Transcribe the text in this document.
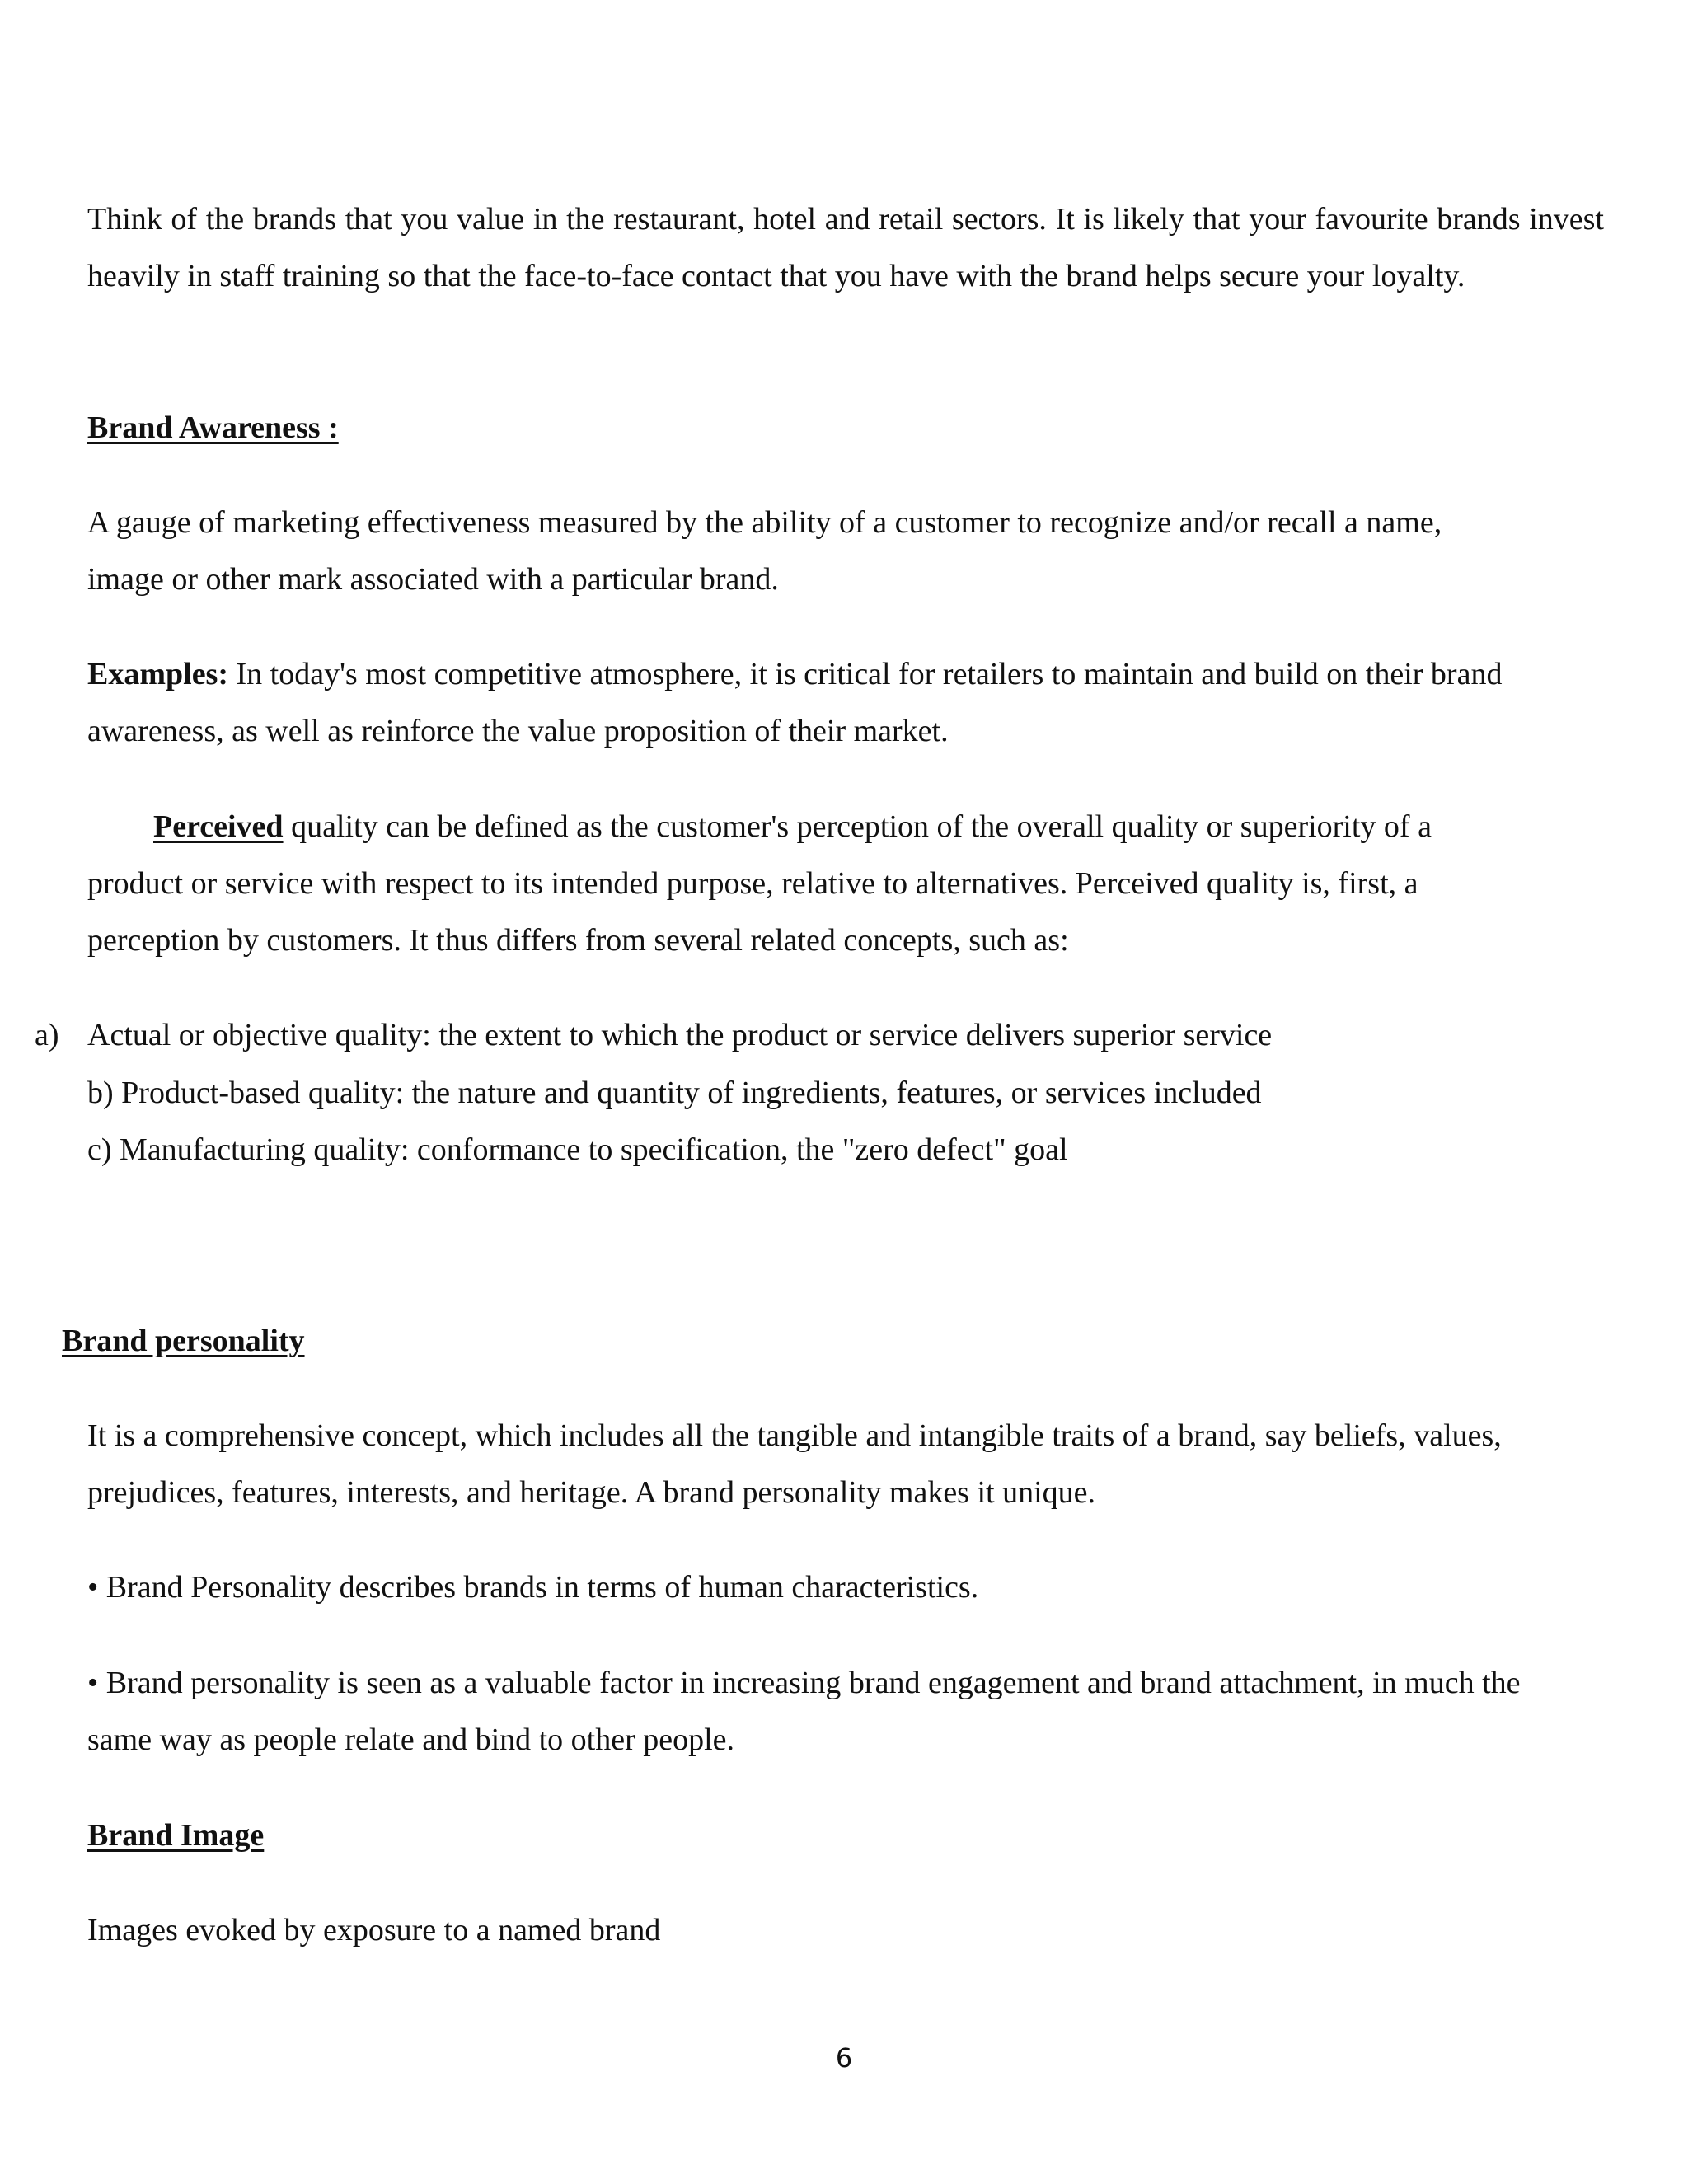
Think of the brands that you value in the restaurant, hotel and retail sectors. It is likely that your favourite brands invest heavily in staff training so that the face-to-face contact that you have with the brand helps secure your loyalty.

Brand Awareness :

A gauge of marketing effectiveness measured by the ability of a customer to recognize and/or recall a name,
image or other mark associated with a particular brand.

Examples: In today's most competitive atmosphere, it is critical for retailers to maintain and build on their brand
awareness, as well as reinforce the value proposition of their market.

Perceived quality can be defined as the customer's perception of the overall quality or superiority of a
product or service with respect to its intended purpose, relative to alternatives. Perceived quality is, first, a
perception by customers. It thus differs from several related concepts, such as:

a) Actual or objective quality: the extent to which the product or service delivers superior service

b) Product-based quality: the nature and quantity of ingredients, features, or services included

c) Manufacturing quality: conformance to specification, the "zero defect" goal

Brand personality

It is a comprehensive concept, which includes all the tangible and intangible traits of a brand, say beliefs, values,
prejudices, features, interests, and heritage. A brand personality makes it unique.

• Brand Personality describes brands in terms of human characteristics.

• Brand personality is seen as a valuable factor in increasing brand engagement and brand attachment, in much the
same way as people relate and bind to other people.

Brand Image

Images evoked by exposure to a named brand

6
